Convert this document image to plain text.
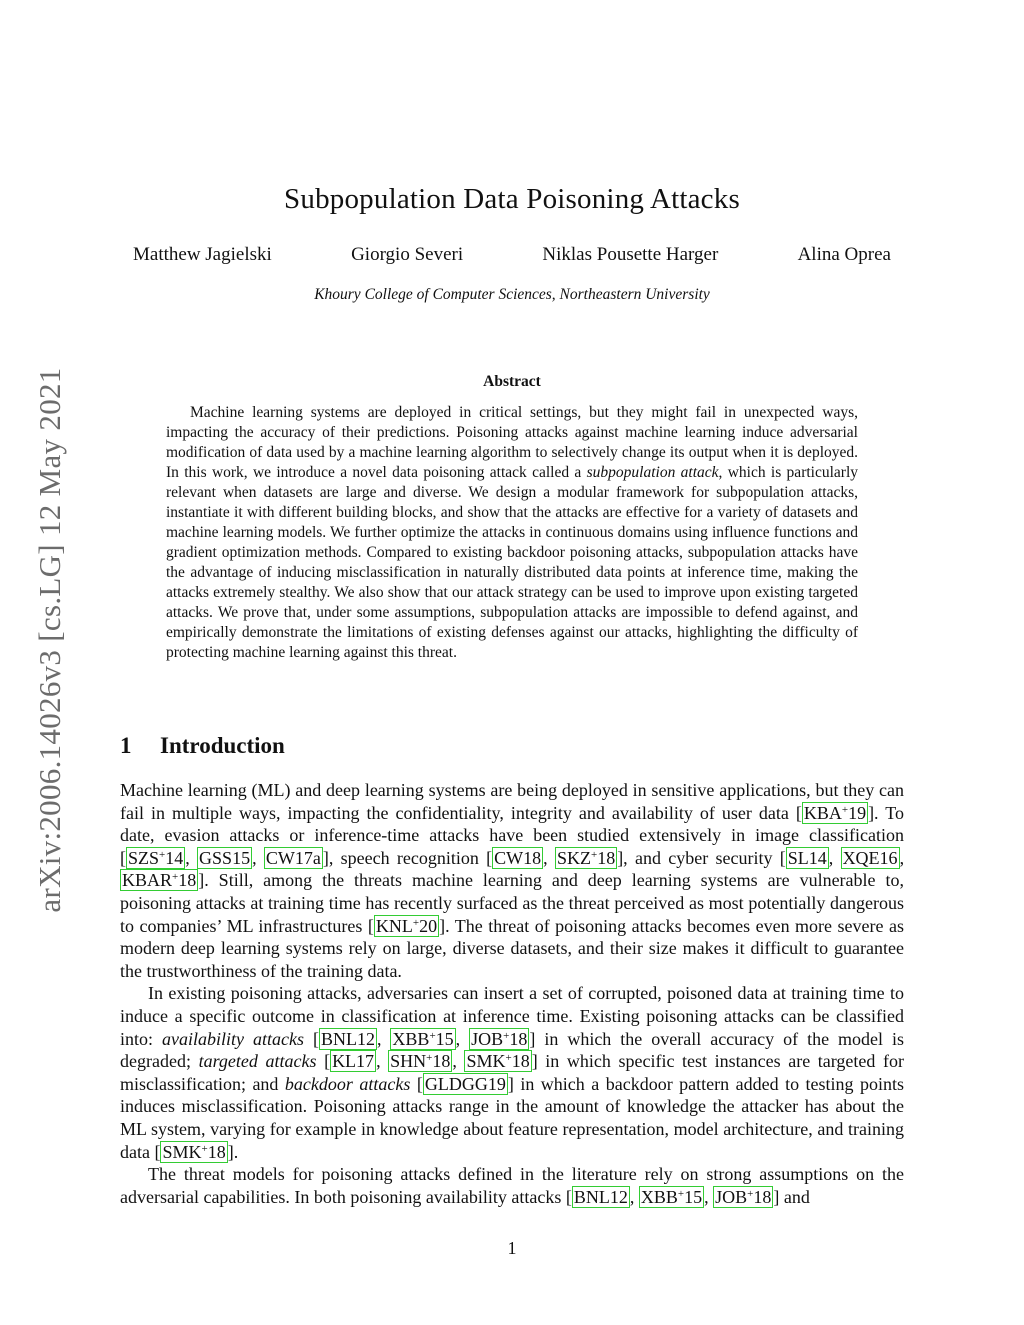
arXiv:2006.14026v3 [cs.LG] 12 May 2021
Subpopulation Data Poisoning Attacks
Matthew Jagielski	Giorgio Severi	Niklas Pousette Harger	Alina Oprea
Khoury College of Computer Sciences, Northeastern University
Abstract

Machine learning systems are deployed in critical settings, but they might fail in unexpected ways, impacting the accuracy of their predictions. Poisoning attacks against machine learning induce adversarial modification of data used by a machine learning algorithm to selectively change its output when it is deployed. In this work, we introduce a novel data poisoning attack called a subpopulation attack, which is particularly relevant when datasets are large and diverse. We design a modular framework for subpopulation attacks, instantiate it with different building blocks, and show that the attacks are effective for a variety of datasets and machine learning models. We further optimize the attacks in continuous domains using influence functions and gradient optimization methods. Compared to existing backdoor poisoning attacks, subpopulation attacks have the advantage of inducing misclassification in naturally distributed data points at inference time, making the attacks extremely stealthy. We also show that our attack strategy can be used to improve upon existing targeted attacks. We prove that, under some assumptions, subpopulation attacks are impossible to defend against, and empirically demonstrate the limitations of existing defenses against our attacks, highlighting the difficulty of protecting machine learning against this threat.

1 Introduction

Machine learning (ML) and deep learning systems are being deployed in sensitive applications, but they can fail in multiple ways, impacting the confidentiality, integrity and availability of user data [ KBA+19 ]. To date, evasion attacks or inference-time attacks have been studied extensively in image classification [ SZS+14 , GSS15 , CW17a ], speech recognition [ CW18 , SKZ+18 ], and cyber security [ SL14 , XQE16 , KBAR+18 ]. Still, among the threats machine learning and deep learning systems are vulnerable to, poisoning attacks at training time has recently surfaced as the threat perceived as most potentially dangerous to companies’ ML infrastructures [ KNL+20 ]. The threat of poisoning attacks becomes even more severe as modern deep learning systems rely on large, diverse datasets, and their size makes it difficult to guarantee the trustworthiness of the training data.

In existing poisoning attacks, adversaries can insert a set of corrupted, poisoned data at training time to induce a specific outcome in classification at inference time. Existing poisoning attacks can be classified into: availability attacks [ BNL12 , XBB+15 , JOB+18 ] in which the overall accuracy of the model is degraded; targeted attacks [ KL17 , SHN+18 , SMK+18 ] in which specific test instances are targeted for misclassification; and backdoor attacks [ GLDGG19 ] in which a backdoor pattern added to testing points induces misclassification. Poisoning attacks range in the amount of knowledge the attacker has about the ML system, varying for example in knowledge about feature representation, model architecture, and training data [ SMK+18 ].

The threat models for poisoning attacks defined in the literature rely on strong assumptions on the adversarial capabilities. In both poisoning availability attacks [ BNL12 , XBB+15 , JOB+18 ] and

1
